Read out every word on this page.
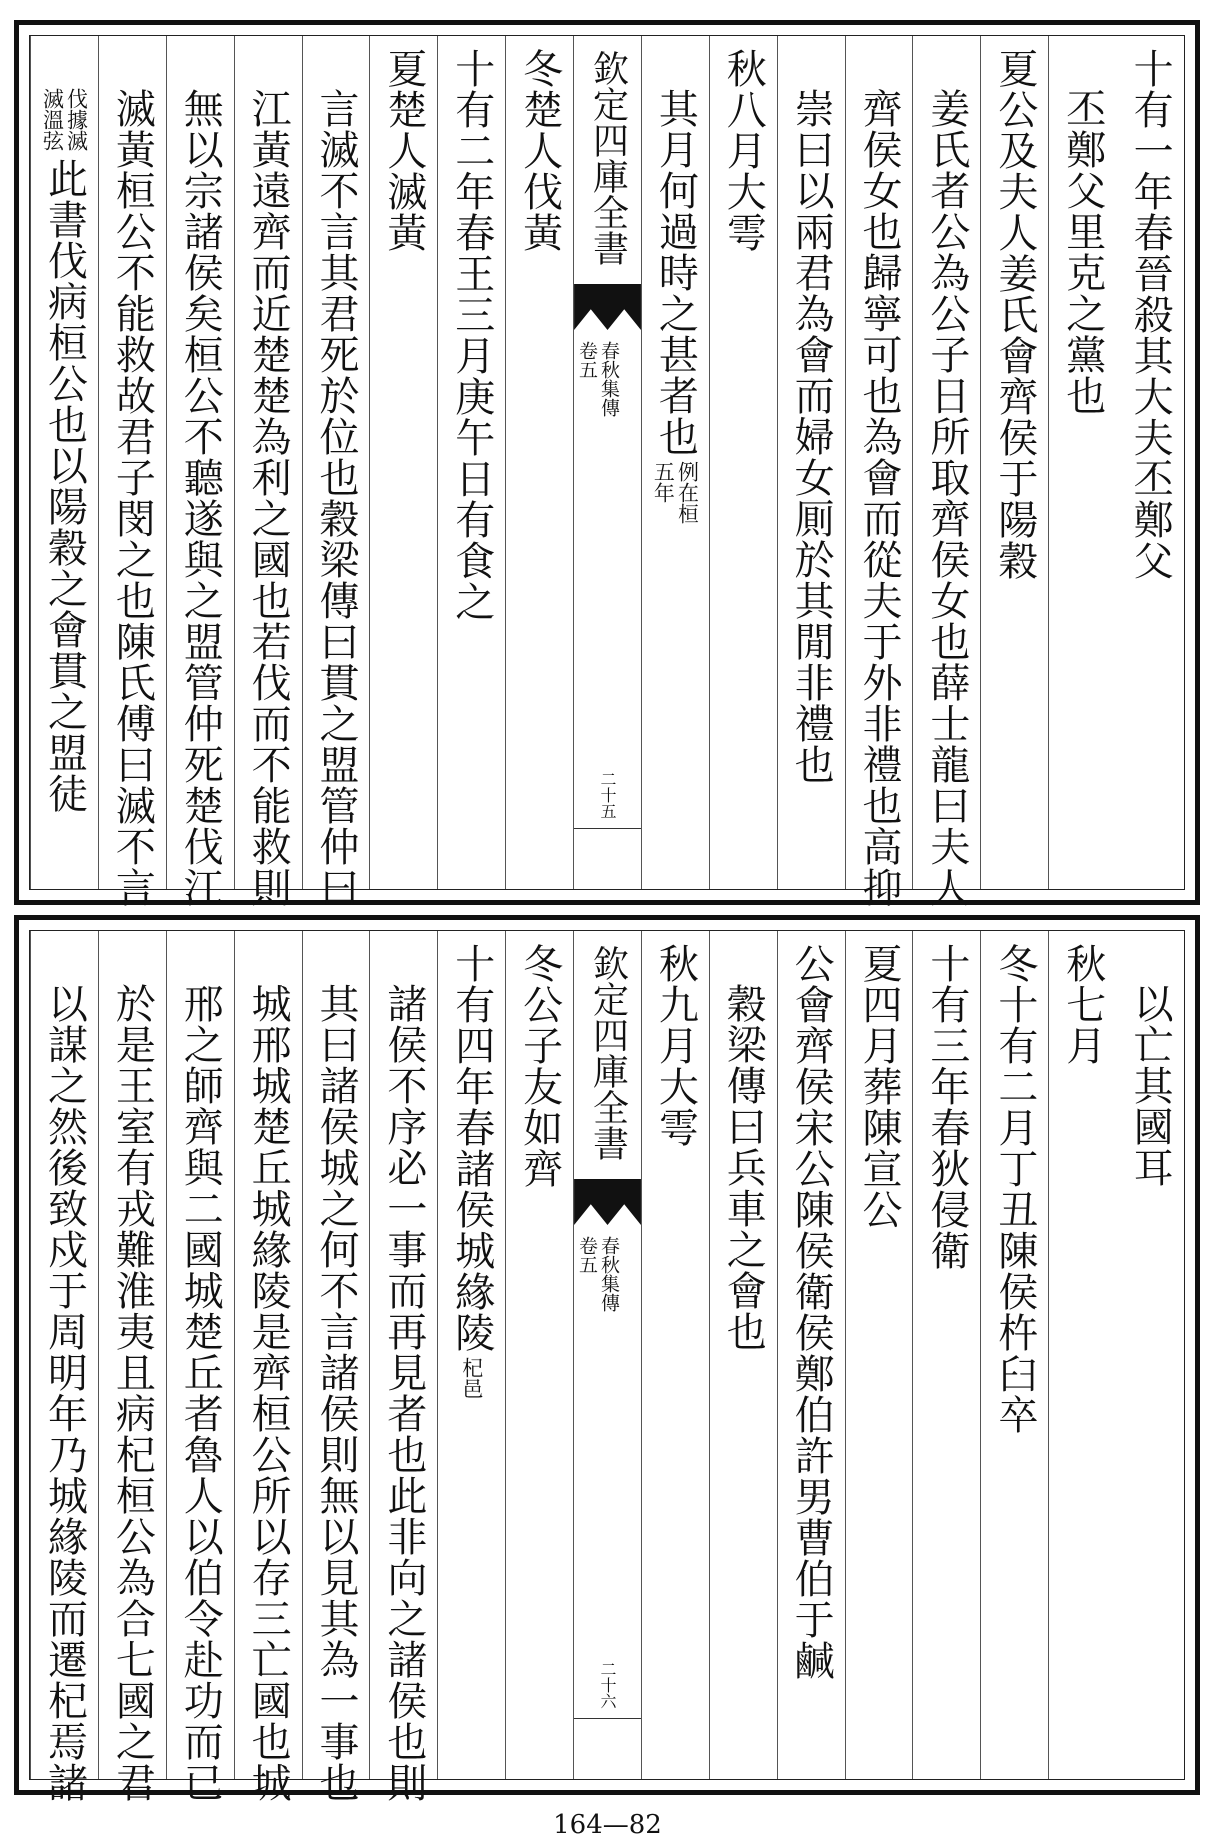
十有一年春晉殺其大夫丕鄭父
丕鄭父里克之黨也
夏公及夫人姜氏會齊侯于陽穀
姜氏者公為公子日所取齊侯女也薛士龍曰夫人
齊侯女也歸寧可也為會而從夫于外非禮也高抑
崇曰以兩君為會而婦女厠於其閒非禮也
秋八月大雩
其月何過時之甚者也
例在桓
五年
欽定四庫全書
春秋集傳
卷五
二十五
冬楚人伐黃
十有二年春王三月庚午日有食之
夏楚人滅黃
言滅不言其君死於位也穀梁傳曰貫之盟管仲曰
江黃遠齊而近楚楚為利之國也若伐而不能救則
無以宗諸侯矣桓公不聽遂與之盟管仲死楚伐江
滅黃桓公不能救故君子閔之也陳氏傅曰滅不言
伐據滅
滅溫弦
此書伐病桓公也以陽穀之會貫之盟徒
以亡其國耳
秋七月
冬十有二月丁丑陳侯杵臼卒
十有三年春狄侵衛
夏四月葬陳宣公
公會齊侯宋公陳侯衛侯鄭伯許男曹伯于鹹
穀梁傳曰兵車之會也
秋九月大雩
欽定四庫全書
春秋集傳
卷五
二十六
冬公子友如齊
十有四年春諸侯城緣陵
杞邑
諸侯不序必一事而再見者也此非向之諸侯也則
其曰諸侯城之何不言諸侯則無以見其為一事也
城邢城楚丘城緣陵是齊桓公所以存三亡國也城
邢之師齊與二國城楚丘者魯人以伯令赴功而已
於是王室有戎難淮夷且病杞桓公為合七國之君
以謀之然後致戍于周明年乃城緣陵而遷杞焉諸
164—82
